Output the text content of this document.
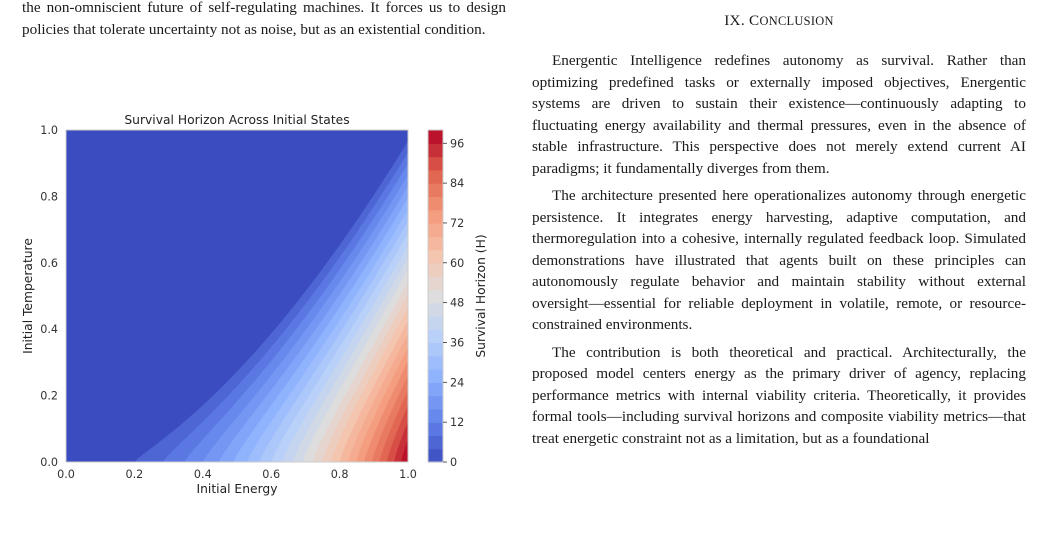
the non-omniscient future of self-regulating machines. It forces us to design policies that tolerate uncertainty not as noise, but as an existential condition.

Survival Horizon Across Initial States
0.0	0.2	0.4	0.6	0.8	1.0
0.0
0.2
0.4
0.6
0.8
1.0
Initial Energy
Initial Temperature
0
12
24
36
48
60
72
84
96
Survival Horizon (H)
IX. CONCLUSION

Energentic Intelligence redefines autonomy as survival. Rather than optimizing predefined tasks or externally imposed objectives, Energentic systems are driven to sustain their existence—continuously adapting to fluctuating energy availability and thermal pressures, even in the absence of stable infrastructure. This perspective does not merely extend current AI paradigms; it fundamentally diverges from them.

The architecture presented here operationalizes autonomy through energetic persistence. It integrates energy harvesting, adaptive computation, and thermoregulation into a cohesive, internally regulated feedback loop. Simulated demonstrations have illustrated that agents built on these principles can autonomously regulate behavior and maintain stability without external oversight—essential for reliable deployment in volatile, remote, or resource-constrained environments.

The contribution is both theoretical and practical. Architecturally, the proposed model centers energy as the primary driver of agency, replacing performance metrics with internal viability criteria. Theoretically, it provides formal tools—including survival horizons and composite viability metrics—that treat energetic constraint not as a limitation, but as a foundational
